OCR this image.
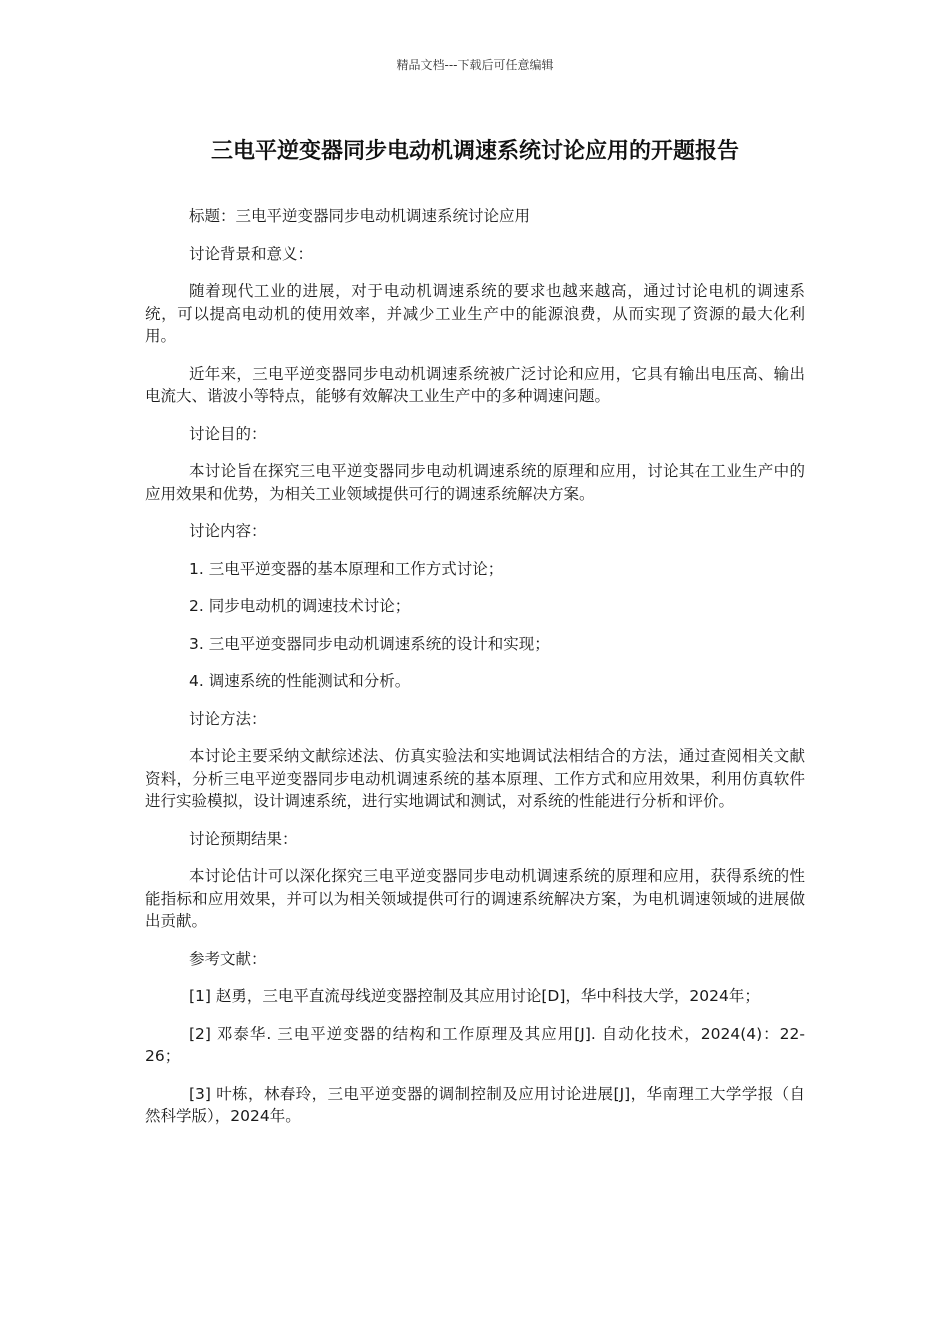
精品文档---下载后可任意编辑
三电平逆变器同步电动机调速系统讨论应用的开题报告

标题：三电平逆变器同步电动机调速系统讨论应用

讨论背景和意义：

随着现代工业的进展，对于电动机调速系统的要求也越来越高，通过讨论电机的调速系统，可以提高电动机的使用效率，并减少工业生产中的能源浪费，从而实现了资源的最大化利用。

近年来，三电平逆变器同步电动机调速系统被广泛讨论和应用，它具有输出电压高、输出电流大、谐波小等特点，能够有效解决工业生产中的多种调速问题。

讨论目的：

本讨论旨在探究三电平逆变器同步电动机调速系统的原理和应用，讨论其在工业生产中的应用效果和优势，为相关工业领域提供可行的调速系统解决方案。

讨论内容：

1. 三电平逆变器的基本原理和工作方式讨论；

2. 同步电动机的调速技术讨论；

3. 三电平逆变器同步电动机调速系统的设计和实现；

4. 调速系统的性能测试和分析。

讨论方法：

本讨论主要采纳文献综述法、仿真实验法和实地调试法相结合的方法，通过查阅相关文献资料，分析三电平逆变器同步电动机调速系统的基本原理、工作方式和应用效果，利用仿真软件进行实验模拟，设计调速系统，进行实地调试和测试，对系统的性能进行分析和评价。

讨论预期结果：

本讨论估计可以深化探究三电平逆变器同步电动机调速系统的原理和应用，获得系统的性能指标和应用效果，并可以为相关领域提供可行的调速系统解决方案，为电机调速领域的进展做出贡献。

参考文献：

[1] 赵勇，三电平直流母线逆变器控制及其应用讨论[D]，华中科技大学，2024年；

[2] 邓泰华. 三电平逆变器的结构和工作原理及其应用[J]. 自动化技术，2024(4)：22-26；

[3] 叶栋，林春玲，三电平逆变器的调制控制及应用讨论进展[J]，华南理工大学学报（自然科学版），2024年。
